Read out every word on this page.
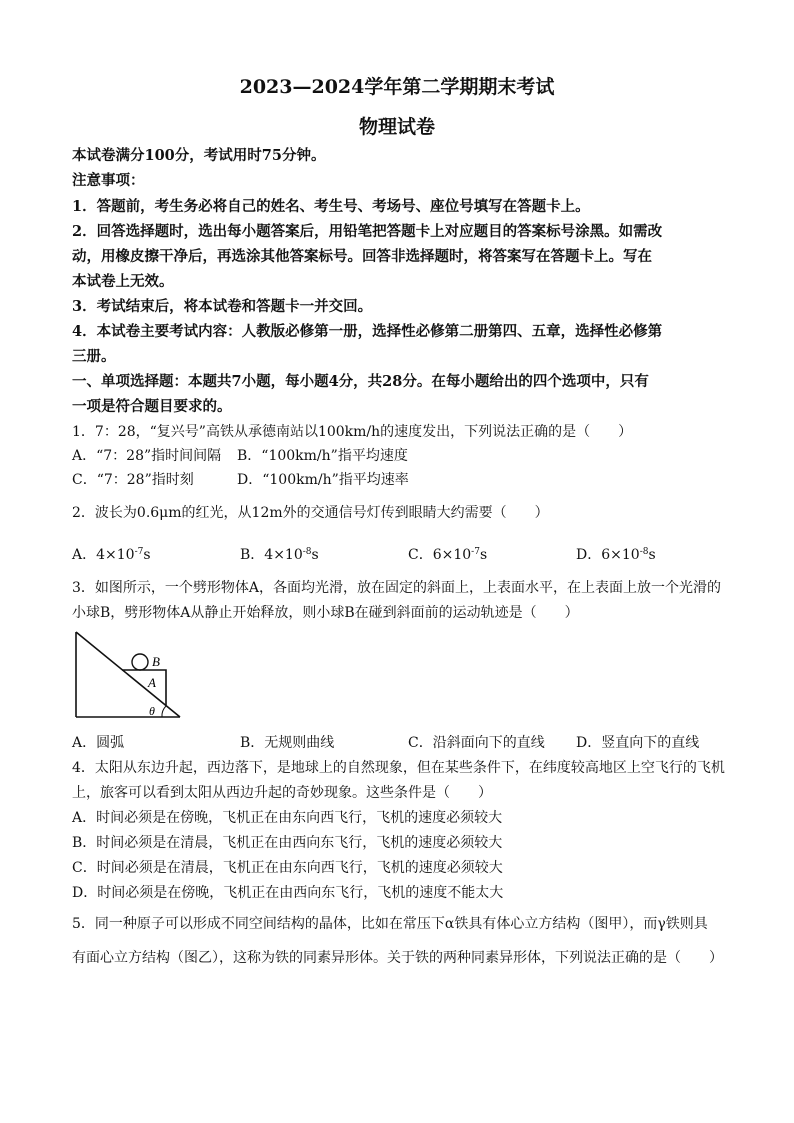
2023—2024学年第二学期期末考试
物理试卷
本试卷满分100分，考试用时75分钟。
注意事项：
1．答题前，考生务必将自己的姓名、考生号、考场号、座位号填写在答题卡上。
2．回答选择题时，选出每小题答案后，用铅笔把答题卡上对应题目的答案标号涂黑。如需改
动，用橡皮擦干净后，再选涂其他答案标号。回答非选择题时，将答案写在答题卡上。写在
本试卷上无效。
3．考试结束后，将本试卷和答题卡一并交回。
4．本试卷主要考试内容：人教版必修第一册，选择性必修第二册第四、五章，选择性必修第
三册。
一、单项选择题：本题共7小题，每小题4分，共28分。在每小题给出的四个选项中，只有
一项是符合题目要求的。
1．7：28，“复兴号”高铁从承德南站以100km/h的速度发出，下列说法正确的是（　　）
A．“7：28”指时间间隔 B．“100km/h”指平均速度
C．“7：28”指时刻	D．“100km/h”指平均速率
2．波长为0.6μm的红光，从12m外的交通信号灯传到眼睛大约需要（　　）
A．$4\times 10^{-7}s$	B．$4\times 10^{-8}s$	C．$6\times 10^{-7}s$	D．$6\times 10^{-8}s$
3．如图所示，一个劈形物体A，各面均光滑，放在固定的斜面上，上表面水平，在上表面上放一个光滑的
小球B，劈形物体A从静止开始释放，则小球B在碰到斜面前的运动轨迹是（　　）
B
A
θ
A．圆弧	B．无规则曲线	C．沿斜面向下的直线 D．竖直向下的直线
4．太阳从东边升起，西边落下，是地球上的自然现象，但在某些条件下，在纬度较高地区上空飞行的飞机
上，旅客可以看到太阳从西边升起的奇妙现象。这些条件是（　　）
A．时间必须是在傍晚，飞机正在由东向西飞行，飞机的速度必须较大
B．时间必须是在清晨，飞机正在由西向东飞行，飞机的速度必须较大
C．时间必须是在清晨，飞机正在由东向西飞行，飞机的速度必须较大
D．时间必须是在傍晚，飞机正在由西向东飞行，飞机的速度不能太大
5．同一种原子可以形成不同空间结构的晶体，比如在常压下α铁具有体心立方结构（图甲），而γ铁则具
有面心立方结构（图乙），这称为铁的同素异形体。关于铁的两种同素异形体，下列说法正确的是（　　）
